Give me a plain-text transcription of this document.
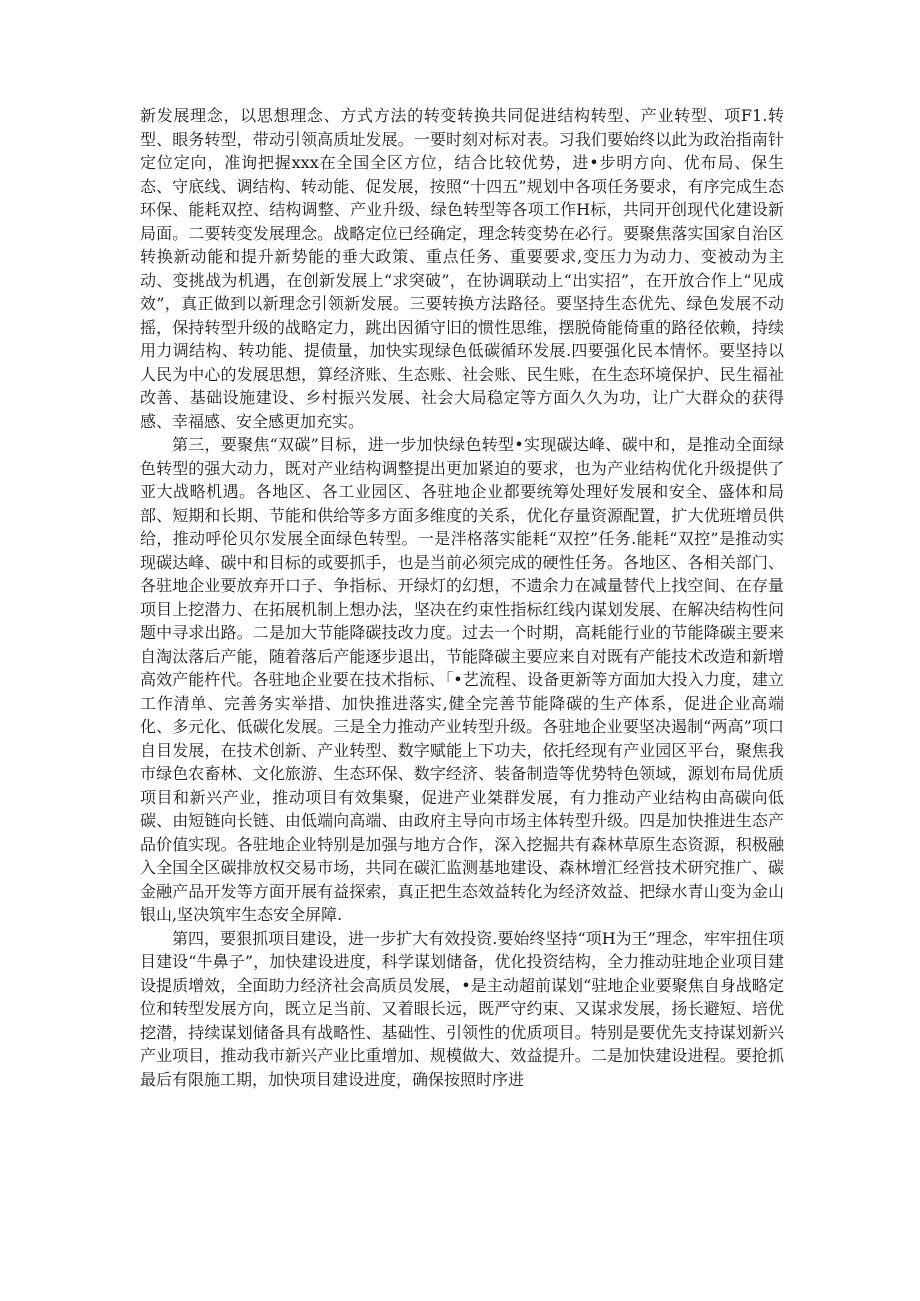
新发展理念，以思想理念、方式方法的转变转换共同促进结构转型、产业转型、项F1.转型、眼务转型，带动引领高质址发展。一要时刻对标对表。习我们要始终以此为政治指南针定位定向，准询把握xxx在全国全区方位，结合比较优势，进•步明方向、优布局、保生态、守底线、调结构、转动能、促发展，按照“十四五”规划中各项任务要求，有序完成生态环保、能耗双控、结构调整、产业升级、绿色转型等各项工作H标，共同开创现代化建设新局面。二要转变发展理念。战略定位已经确定，理念转变势在必行。要聚焦落实国家自治区转换新动能和提升新势能的垂大政策、重点任务、重要要求,变压力为动力、变被动为主动、变挑战为机遇，在创新发展上“求突破”，在协调联动上“出实招”，在开放合作上“见成效”，真正做到以新理念引领新发展。三要转换方法路径。要坚持生态优先、绿色发展不动摇，保持转型升级的战略定力，跳出因循守旧的惯性思维，摆脱倚能倚重的路径依赖，持续用力调结构、转功能、提债量，加快实现绿色低碳循环发展.四要强化民本情怀。要坚持以人民为中心的发展思想，算经济账、生态账、社会账、民生账，在生态环境保护、民生福祉改善、基础设施建设、乡村振兴发展、社会大局稳定等方面久久为功，让广大群众的获得感、幸福感、安全感更加充实。

第三，要聚焦“双碳”目标，进一步加快绿色转型•实现碳达峰、碳中和，是推动全面绿色转型的强大动力，既对产业结构调整提出更加紧迫的要求，也为产业结构优化升级提供了亚大战略机遇。各地区、各工业园区、各驻地企业都要统筹处理好发展和安全、盛体和局部、短期和长期、节能和供给等多方面多维度的关系，优化存量资源配置，扩大优班增员供给，推动呼伦贝尔发展全面绿色转型。一是泮格落实能耗“双控”任务.能耗“双控”是推动实现碳达峰、碳中和目标的或要抓手，也是当前必须完成的硬性任务。各地区、各相关部门、各驻地企业要放弃开口子、争指标、开绿灯的幻想，不遗余力在减量替代上找空间、在存量项目上挖潜力、在拓展机制上想办法，坚决在约束性指标红线内谋划发展、在解决结构性问题中寻求出路。二是加大节能降碳技改力度。过去一个时期，高耗能行业的节能降碳主要来自淘汰落后产能，随着落后产能逐步退出，节能降碳主要应来自对既有产能技术改造和新增高效产能杵代。各驻地企业要在技术指标、「•艺流程、设备更新等方面加大投入力度，建立工作清单、完善务实举措、加快推进落实,健全完善节能降碳的生产体系，促进企业高端化、多元化、低碳化发展。三是全力推动产业转型升级。各驻地企业要坚决遏制“两高”项口自目发展，在技术创新、产业转型、数字赋能上下功夫，依托经现有产业园区平台，聚焦我市绿色农畜林、文化旅游、生态环保、数字经济、装备制造等优势特色领域，源划布局优质项目和新兴产业，推动项目有效集聚，促进产业桀群发展，有力推动产业结构由高碳向低碳、由短链向长链、由低端向高端、由政府主导向市场主体转型升级。四是加快推进生态产品价值实现。各驻地企业特别是加强与地方合作，深入挖掘共有森林草原生态资源，积极融入全国全区碳排放权交易市场，共同在碳汇监测基地建设、森林增汇经営技术研究推广、碳金融产品开发等方面开展有益探索，真正把生态效益转化为经济效益、把绿水青山变为金山银山,坚决筑牢生态安全屏障.

第四，要狠抓项目建设，进一步扩大有效投资.要始终坚持“项H为王”理念，牢牢扭住项目建设“牛鼻子”，加快建设进度，科学谋划储备，优化投资结构，全力推动驻地企业项目建设提质增效，全面助力经济社会高质员发展，•是主动超前谋划“驻地企业要聚焦自身战略定位和转型发展方向，既立足当前、又着眼长远，既严守约束、又谋求发展，扬长避短、培优挖潜，持续谋划储备具有战略性、基础性、引领性的优质项目。特别是要优先支持谋划新兴产业项目，推动我市新兴产业比重增加、规模做大、效益提升。二是加快建设进程。要抢抓最后有限施工期，加快项目建设进度，确保按照时序进
